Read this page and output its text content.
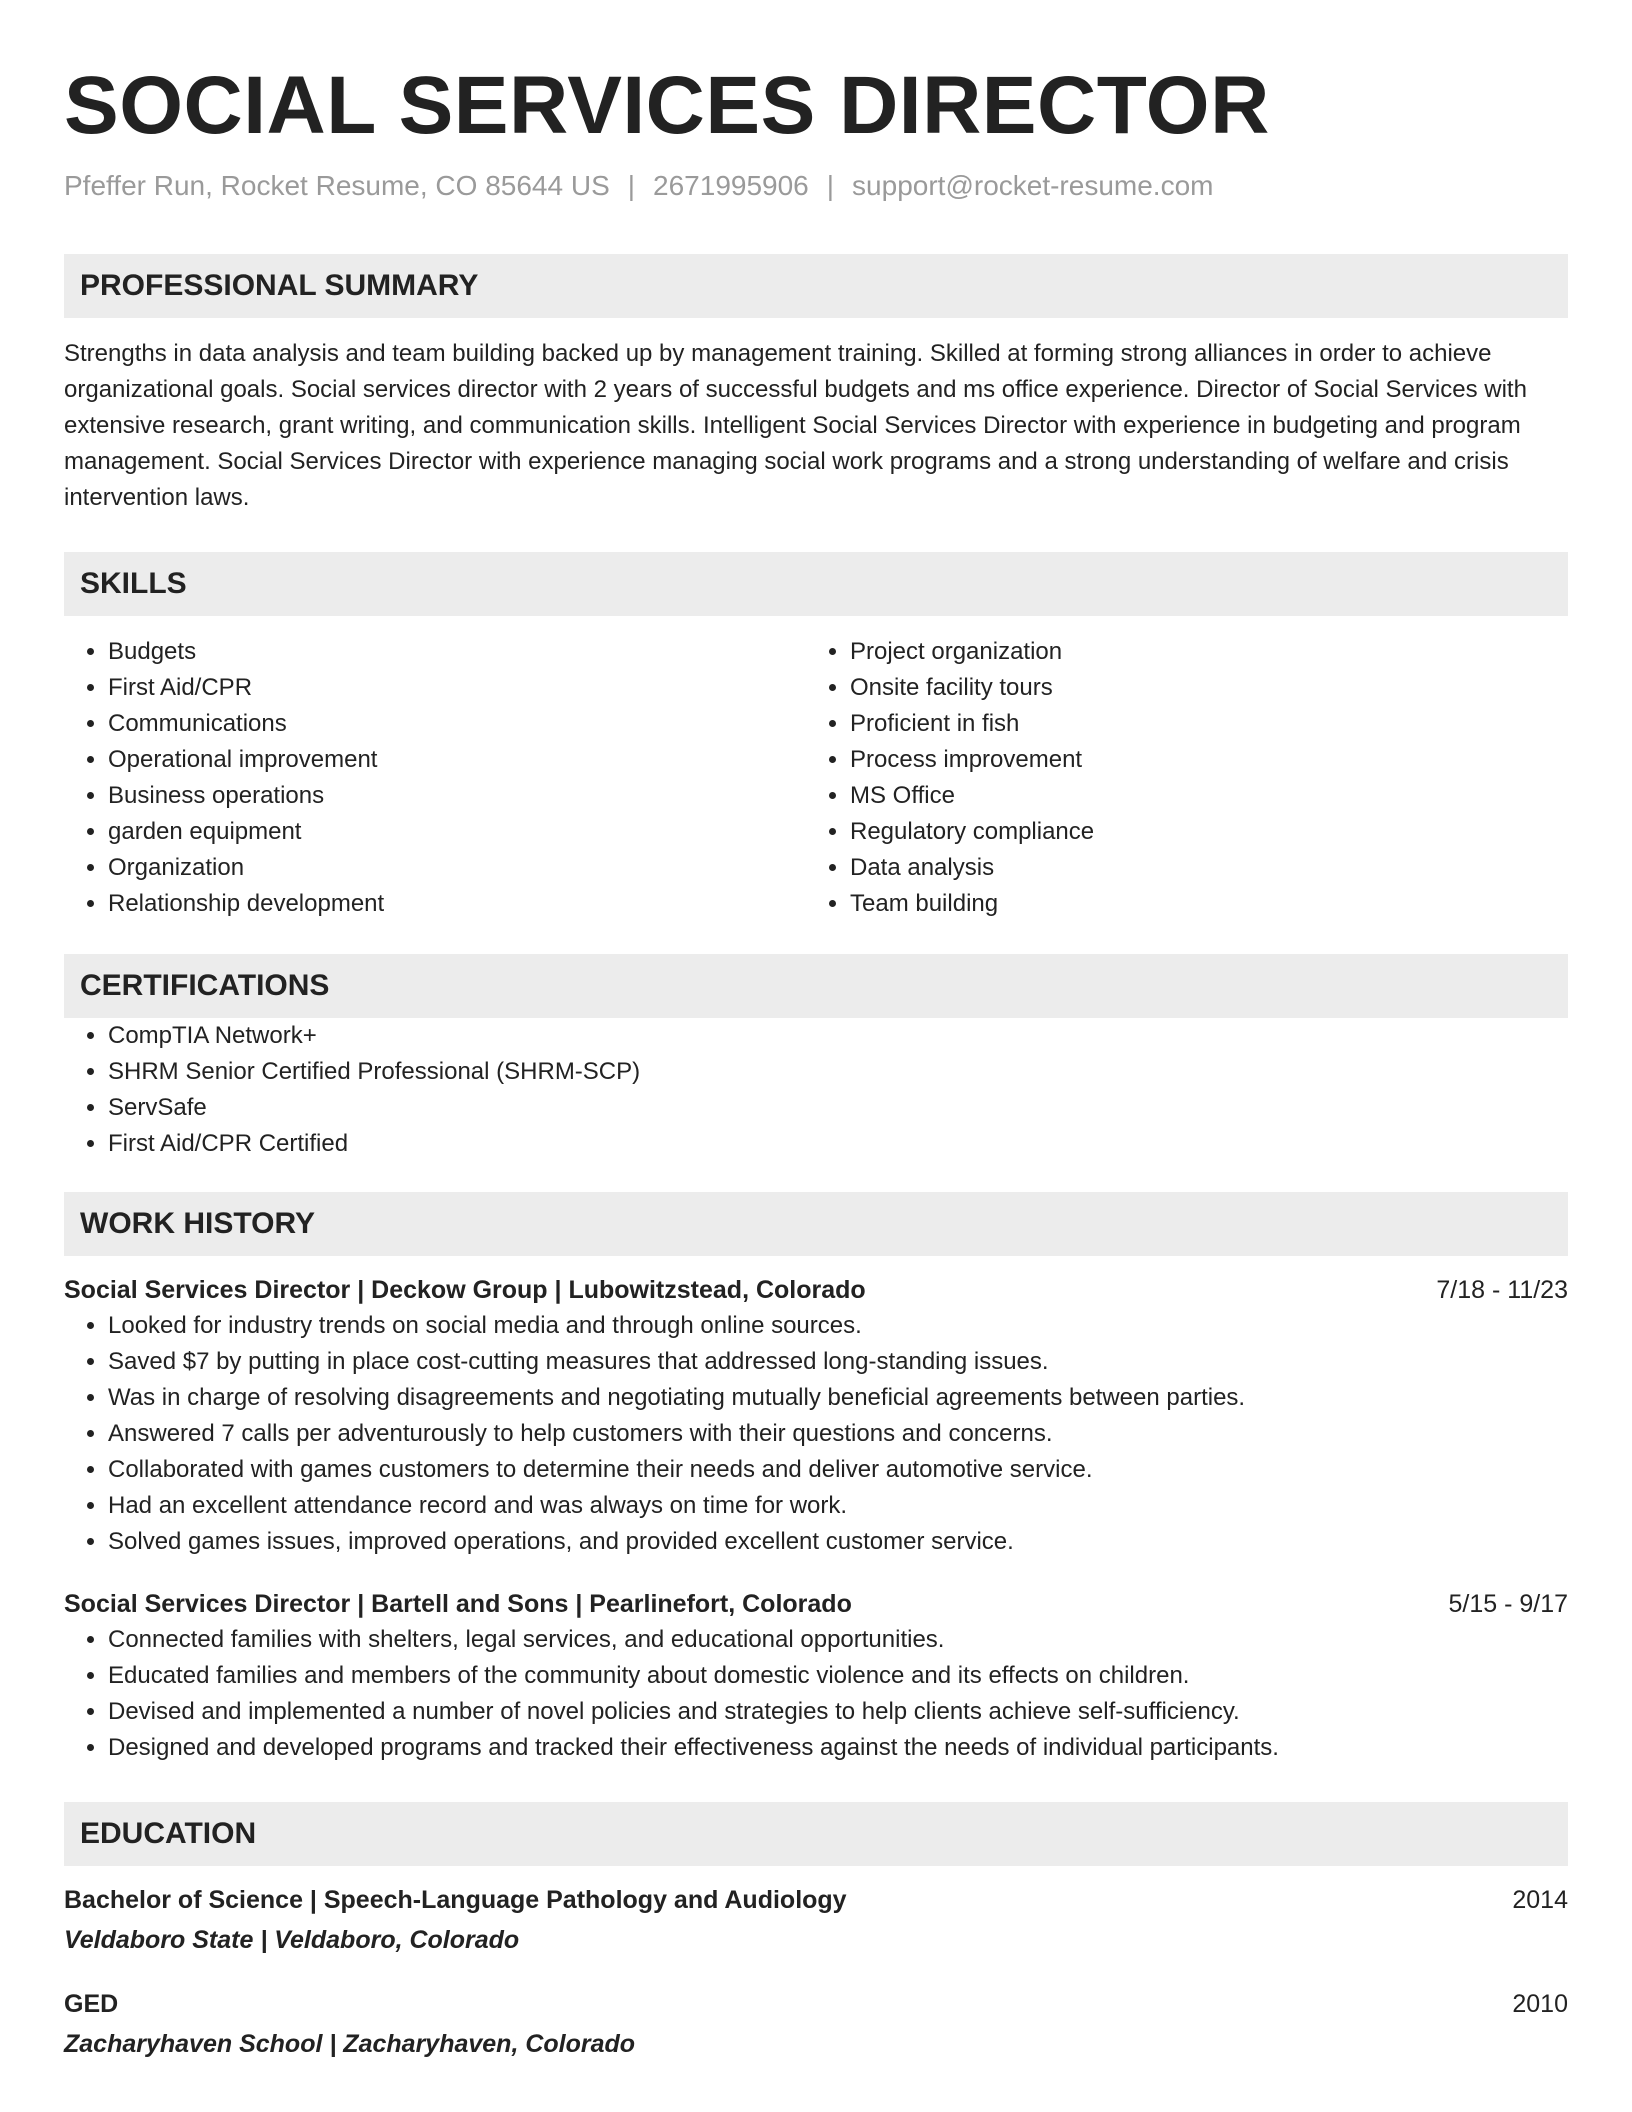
SOCIAL SERVICES DIRECTOR
Pfeffer Run, Rocket Resume, CO 85644 US | 2671995906 | support@rocket-resume.com
PROFESSIONAL SUMMARY
Strengths in data analysis and team building backed up by management training. Skilled at forming strong alliances in order to achieve organizational goals. Social services director with 2 years of successful budgets and ms office experience. Director of Social Services with extensive research, grant writing, and communication skills. Intelligent Social Services Director with experience in budgeting and program management. Social Services Director with experience managing social work programs and a strong understanding of welfare and crisis intervention laws.
SKILLS
• Budgets
• First Aid/CPR
• Communications
• Operational improvement
• Business operations
• garden equipment
• Organization
• Relationship development
• Project organization
• Onsite facility tours
• Proficient in fish
• Process improvement
• MS Office
• Regulatory compliance
• Data analysis
• Team building
CERTIFICATIONS
• CompTIA Network+
• SHRM Senior Certified Professional (SHRM-SCP)
• ServSafe
• First Aid/CPR Certified
WORK HISTORY
Social Services Director | Deckow Group | Lubowitzstead, Colorado	7/18 - 11/23
• Looked for industry trends on social media and through online sources.
• Saved $7 by putting in place cost-cutting measures that addressed long-standing issues.
• Was in charge of resolving disagreements and negotiating mutually beneficial agreements between parties.
• Answered 7 calls per adventurously to help customers with their questions and concerns.
• Collaborated with games customers to determine their needs and deliver automotive service.
• Had an excellent attendance record and was always on time for work.
• Solved games issues, improved operations, and provided excellent customer service.
Social Services Director | Bartell and Sons | Pearlinefort, Colorado	5/15 - 9/17
• Connected families with shelters, legal services, and educational opportunities.
• Educated families and members of the community about domestic violence and its effects on children.
• Devised and implemented a number of novel policies and strategies to help clients achieve self-sufficiency.
• Designed and developed programs and tracked their effectiveness against the needs of individual participants.
EDUCATION
Bachelor of Science | Speech-Language Pathology and Audiology	2014
Veldaboro State | Veldaboro, Colorado
GED	2010
Zacharyhaven School | Zacharyhaven, Colorado
